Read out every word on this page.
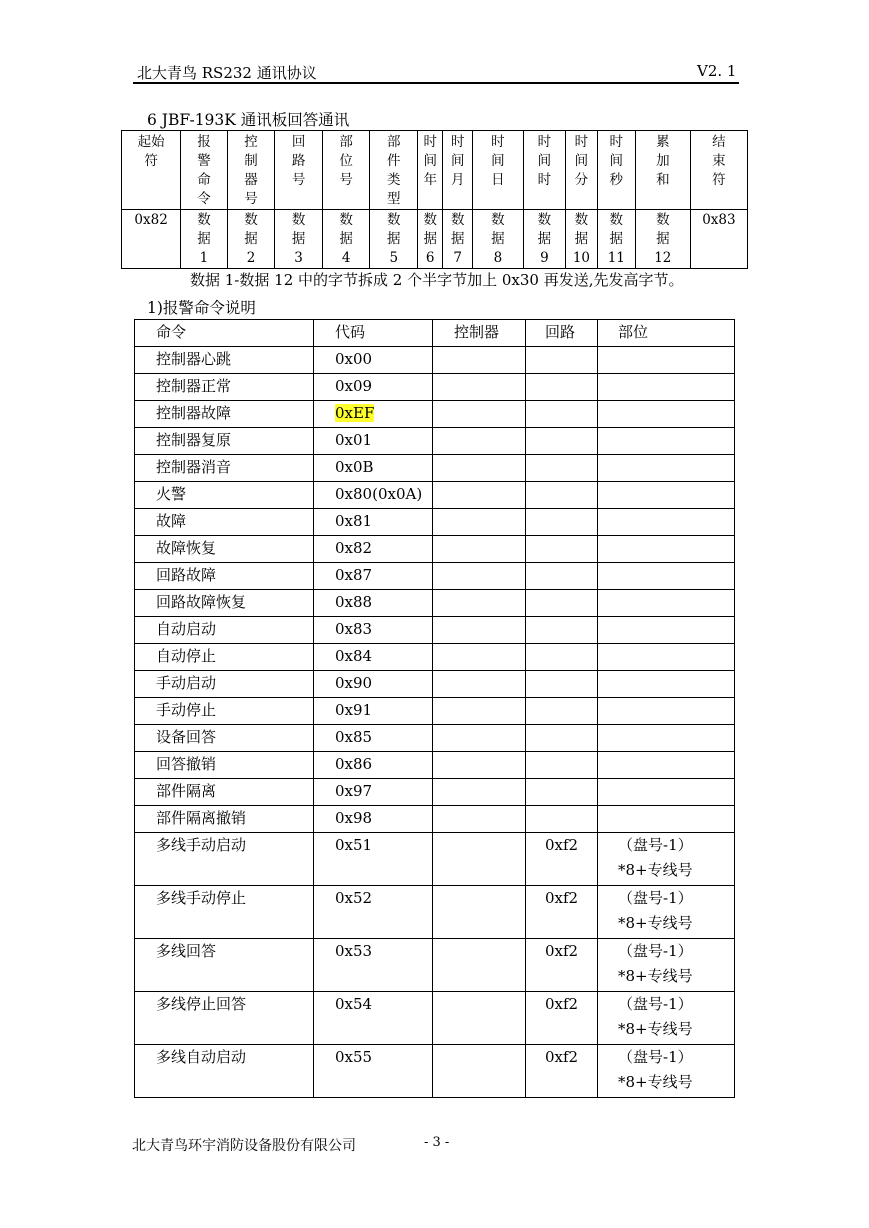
北大青鸟 RS232 通讯协议	V2. 1
6 JBF-193K 通讯板回答通讯
起始
符	报
警
命
令	控
制
器
号	回
路
号	部
位
号	部
件
类
型	时
间
年	时
间
月	时
间
日	时
间
时	时
间
分	时
间
秒	累
加
和	结
束
符

0x82	数
据
1	数
据
2	数
据
3	数
据
4	数
据
5	数
据
6	数
据
7	数
据
8	数
据
9	数
据
10	数
据
11	数
据
12	0x83
数据 1-数据 12 中的字节拆成 2 个半字节加上 0x30 再发送,先发高字节。
1)报警命令说明
命令	代码	控制器	回路	部位
控制器心跳	0x00			
控制器正常	0x09			
控制器故障	0xEF			
控制器复原	0x01			
控制器消音	0x0B			
火警	0x80(0x0A)			
故障	0x81			
故障恢复	0x82			
回路故障	0x87			
回路故障恢复	0x88			
自动启动	0x83			
自动停止	0x84			
手动启动	0x90			
手动停止	0x91			
设备回答	0x85			
回答撤销	0x86			
部件隔离	0x97			
部件隔离撤销	0x98			
多线手动启动	0x51		0xf2	（盘号-1）*8+专线号
多线手动停止	0x52		0xf2	（盘号-1）*8+专线号
多线回答	0x53		0xf2	（盘号-1）*8+专线号
多线停止回答	0x54		0xf2	（盘号-1）*8+专线号
多线自动启动	0x55		0xf2	（盘号-1）*8+专线号
北大青鸟环宇消防设备股份有限公司	- 3 -
